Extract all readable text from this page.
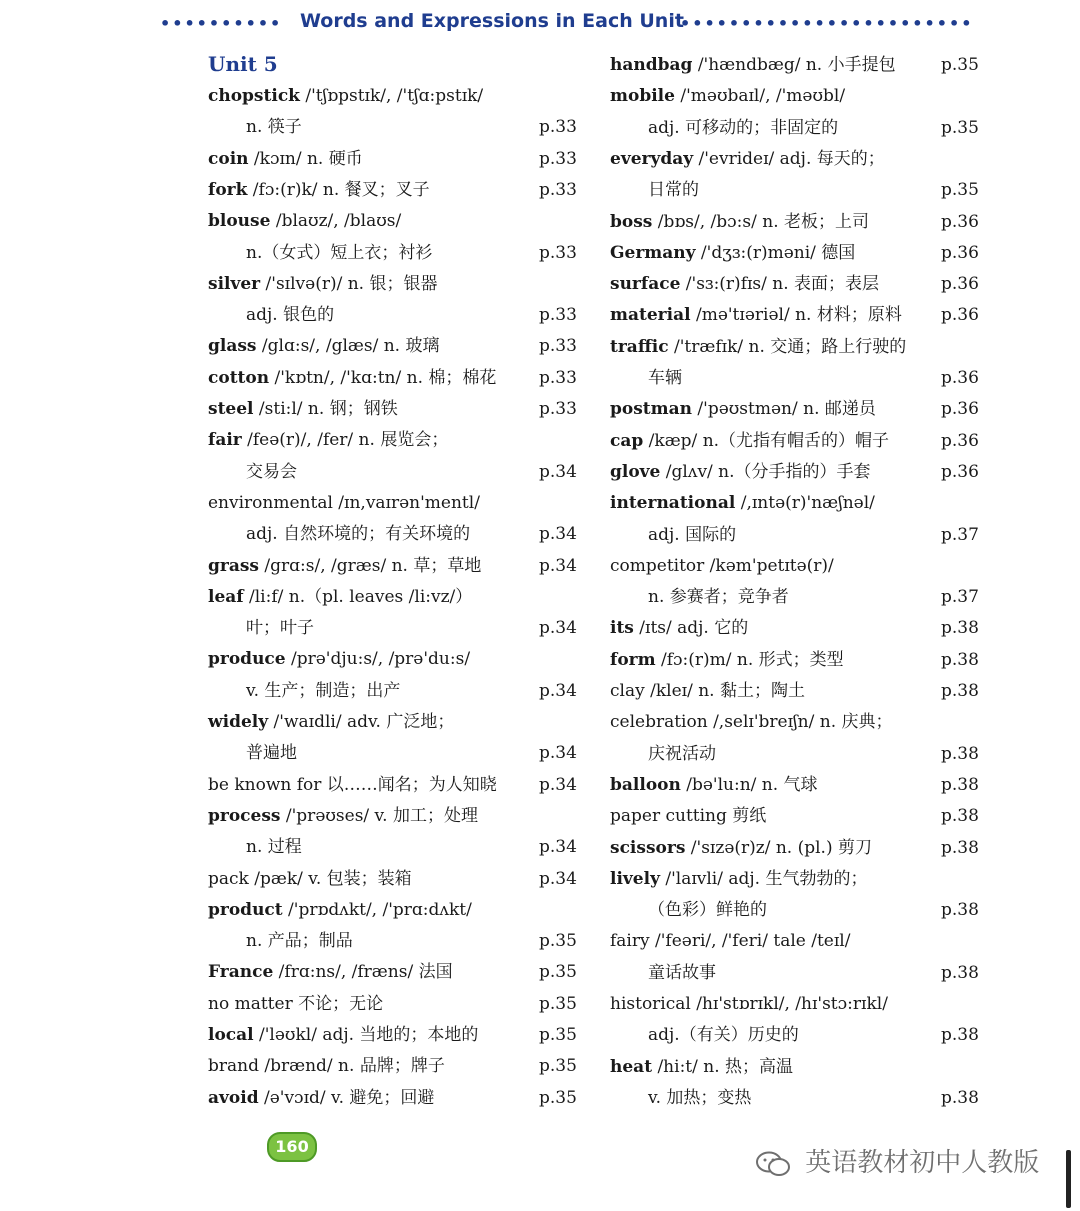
•••••••••• Words and Expressions in Each Unit
••••••••••••••••••••••••
Unit 5
chopstick /'tʃɒpstɪk/, /'tʃɑ:pstɪk/
n. 筷子	p.33
coin /kɔɪn/ n. 硬币	p.33
fork /fɔ:(r)k/ n. 餐叉；叉子	p.33
blouse /blaʊz/, /blaʊs/
n.（女式）短上衣；衬衫	p.33
silver /'sɪlvə(r)/ n. 银；银器
adj. 银色的	p.33
glass /glɑ:s/, /glæs/ n. 玻璃	p.33
cotton /'kɒtn/, /'kɑ:tn/ n. 棉；棉花	p.33
steel /sti:l/ n. 钢；钢铁	p.33
fair /feə(r)/, /fer/ n. 展览会；
交易会	p.34
environmental /ɪn,vaɪrən'mentl/
adj. 自然环境的；有关环境的	p.34
grass /grɑ:s/, /græs/ n. 草；草地	p.34
leaf /li:f/ n.（pl. leaves /li:vz/）
叶；叶子	p.34
produce /prə'dju:s/, /prə'du:s/
v. 生产；制造；出产	p.34
widely /'waɪdli/ adv. 广泛地；
普遍地	p.34
be known for 以……闻名；为人知晓 p.34
process /'prəʊses/ v. 加工；处理
n. 过程	p.34
pack /pæk/ v. 包装；装箱	p.34
product /'prɒdʌkt/, /'prɑ:dʌkt/
n. 产品；制品	p.35
France /frɑ:ns/, /fræns/ 法国	p.35
no matter 不论；无论	p.35
local /'ləʊkl/ adj. 当地的；本地的	p.35
brand /brænd/ n. 品牌；牌子	p.35
avoid /ə'vɔɪd/ v. 避免；回避	p.35
handbag /'hændbæg/ n. 小手提包	p.35
mobile /'məʊbaɪl/, /'məʊbl/
adj. 可移动的；非固定的	p.35
everyday /'evrideɪ/ adj. 每天的；
日常的	p.35
boss /bɒs/, /bɔ:s/ n. 老板；上司	p.36
Germany /'dʒɜ:(r)məni/ 德国	p.36
surface /'sɜ:(r)fɪs/ n. 表面；表层	p.36
material /mə'tɪəriəl/ n. 材料；原料 p.36
traffic /'træfɪk/ n. 交通；路上行驶的
车辆	p.36
postman /'pəʊstmən/ n. 邮递员	p.36
cap /kæp/ n.（尤指有帽舌的）帽子	p.36
glove /glʌv/ n.（分手指的）手套	p.36
international /,ɪntə(r)'næʃnəl/
adj. 国际的	p.37
competitor /kəm'petɪtə(r)/
n. 参赛者；竞争者	p.37
its /ɪts/ adj. 它的	p.38
form /fɔ:(r)m/ n. 形式；类型	p.38
clay /kleɪ/ n. 黏土；陶土	p.38
celebration /,selɪ'breɪʃn/ n. 庆典；
庆祝活动	p.38
balloon /bə'lu:n/ n. 气球	p.38
paper cutting 剪纸	p.38
scissors /'sɪzə(r)z/ n. (pl.) 剪刀	p.38
lively /'laɪvli/ adj. 生气勃勃的；
（色彩）鲜艳的	p.38
fairy /'feəri/, /'feri/ tale /teɪl/
童话故事	p.38
historical /hɪ'stɒrɪkl/, /hɪ'stɔ:rɪkl/
adj.（有关）历史的	p.38
heat /hi:t/ n. 热；高温
v. 加热；变热	p.38
160
英语教材初中人教版
